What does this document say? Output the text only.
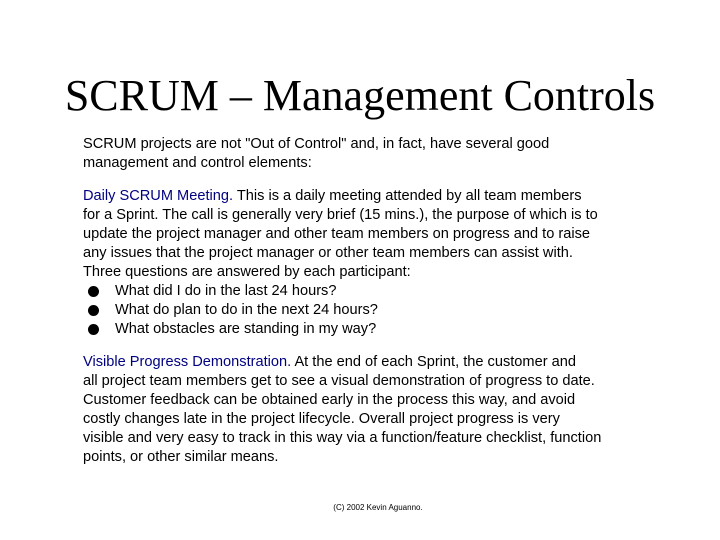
SCRUM – Management Controls
SCRUM projects are not "Out of Control" and, in fact, have several good
management and control elements:
Daily SCRUM Meeting. This is a daily meeting attended by all team members
for a Sprint. The call is generally very brief (15 mins.), the purpose of which is to
update the project manager and other team members on progress and to raise
any issues that the project manager or other team members can assist with.
Three questions are answered by each participant:
What did I do in the last 24 hours?
What do plan to do in the next 24 hours?
What obstacles are standing in my way?
Visible Progress Demonstration. At the end of each Sprint, the customer and
all project team members get to see a visual demonstration of progress to date.
Customer feedback can be obtained early in the process this way, and avoid
costly changes late in the project lifecycle. Overall project progress is very
visible and very easy to track in this way via a function/feature checklist, function
points, or other similar means.
(C) 2002 Kevin Aguanno.
